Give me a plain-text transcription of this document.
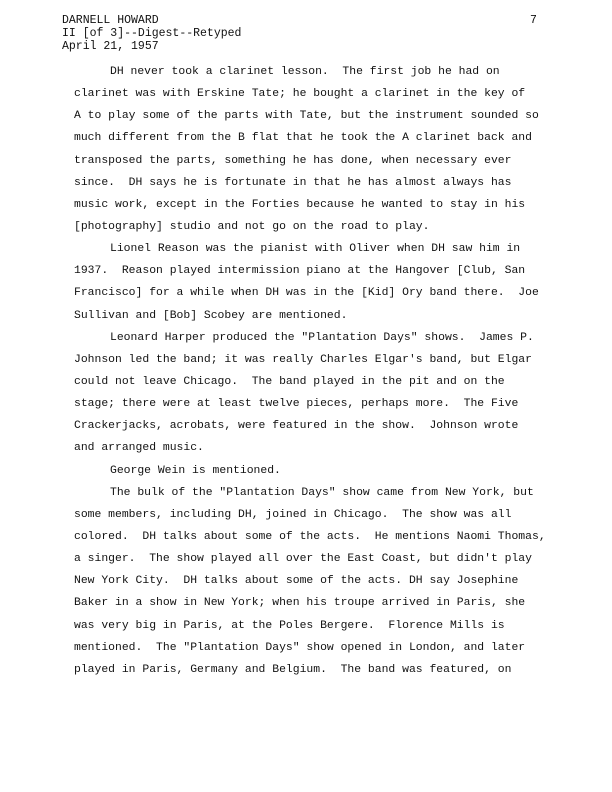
DARNELL HOWARD
II [of 3]--Digest--Retyped
April 21, 1957
7
DH never took a clarinet lesson.  The first job he had on
clarinet was with Erskine Tate; he bought a clarinet in the key of
A to play some of the parts with Tate, but the instrument sounded so
much different from the B flat that he took the A clarinet back and
transposed the parts, something he has done, when necessary ever
since.  DH says he is fortunate in that he has almost always has
music work, except in the Forties because he wanted to stay in his
[photography] studio and not go on the road to play.
Lionel Reason was the pianist with Oliver when DH saw him in
1937.  Reason played intermission piano at the Hangover [Club, San
Francisco] for a while when DH was in the [Kid] Ory band there.  Joe
Sullivan and [Bob] Scobey are mentioned.
Leonard Harper produced the "Plantation Days" shows.  James P.
Johnson led the band; it was really Charles Elgar's band, but Elgar
could not leave Chicago.  The band played in the pit and on the
stage; there were at least twelve pieces, perhaps more.  The Five
Crackerjacks, acrobats, were featured in the show.  Johnson wrote
and arranged music.
George Wein is mentioned.
The bulk of the "Plantation Days" show came from New York, but
some members, including DH, joined in Chicago.  The show was all
colored.  DH talks about some of the acts.  He mentions Naomi Thomas,
a singer.  The show played all over the East Coast, but didn't play
New York City.  DH talks about some of the acts. DH say Josephine
Baker in a show in New York; when his troupe arrived in Paris, she
was very big in Paris, at the Poles Bergere.  Florence Mills is
mentioned.  The "Plantation Days" show opened in London, and later
played in Paris, Germany and Belgium.  The band was featured, on
